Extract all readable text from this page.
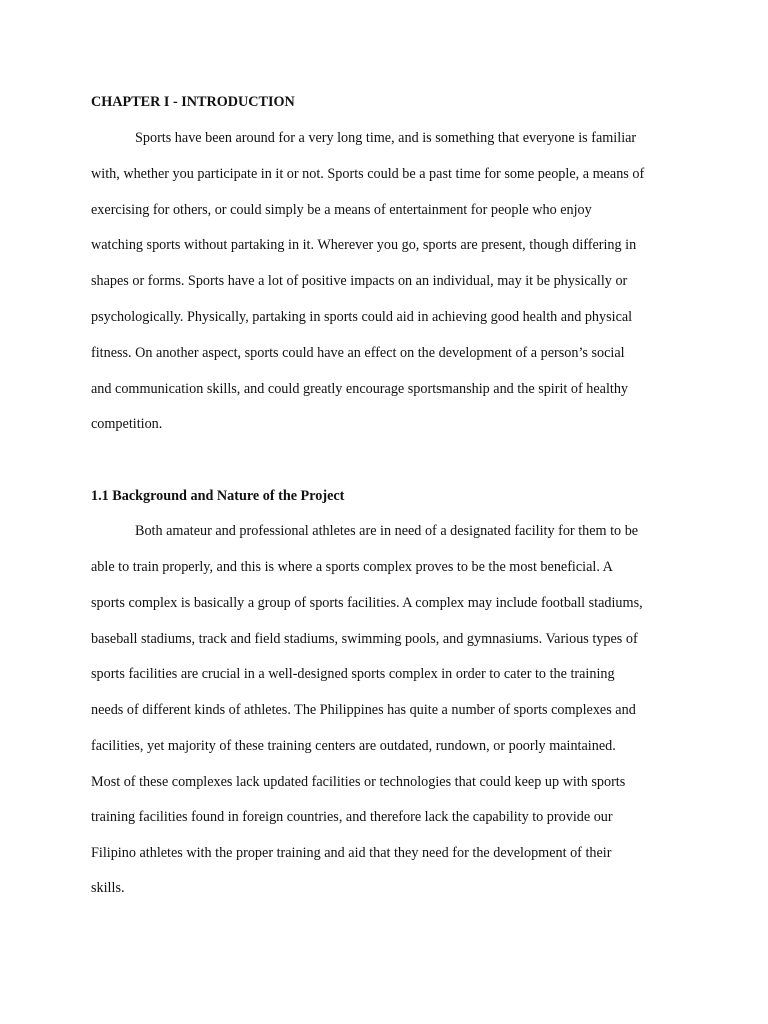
CHAPTER I - INTRODUCTION
Sports have been around for a very long time, and is something that everyone is familiar
with, whether you participate in it or not. Sports could be a past time for some people, a means of
exercising for others, or could simply be a means of entertainment for people who enjoy
watching sports without partaking in it. Wherever you go, sports are present, though differing in
shapes or forms. Sports have a lot of positive impacts on an individual, may it be physically or
psychologically. Physically, partaking in sports could aid in achieving good health and physical
fitness. On another aspect, sports could have an effect on the development of a person’s social
and communication skills, and could greatly encourage sportsmanship and the spirit of healthy
competition.
1.1 Background and Nature of the Project
Both amateur and professional athletes are in need of a designated facility for them to be
able to train properly, and this is where a sports complex proves to be the most beneficial. A
sports complex is basically a group of sports facilities. A complex may include football stadiums,
baseball stadiums, track and field stadiums, swimming pools, and gymnasiums. Various types of
sports facilities are crucial in a well-designed sports complex in order to cater to the training
needs of different kinds of athletes. The Philippines has quite a number of sports complexes and
facilities, yet majority of these training centers are outdated, rundown, or poorly maintained.
Most of these complexes lack updated facilities or technologies that could keep up with sports
training facilities found in foreign countries, and therefore lack the capability to provide our
Filipino athletes with the proper training and aid that they need for the development of their
skills.
